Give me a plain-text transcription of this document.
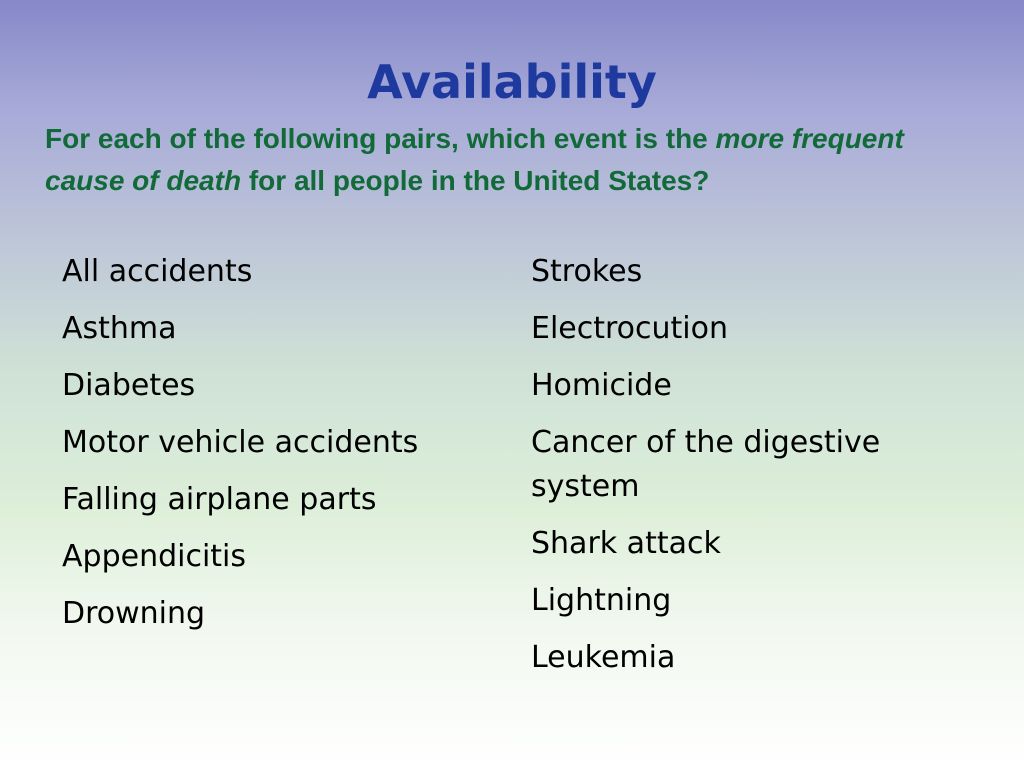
Availability

For each of the following pairs, which event is the more frequent cause of death for all people in the United States?

All accidents
Asthma
Diabetes
Motor vehicle accidents
Falling airplane parts
Appendicitis
Drowning
Strokes
Electrocution
Homicide
Cancer of the digestive system
Shark attack
Lightning
Leukemia
